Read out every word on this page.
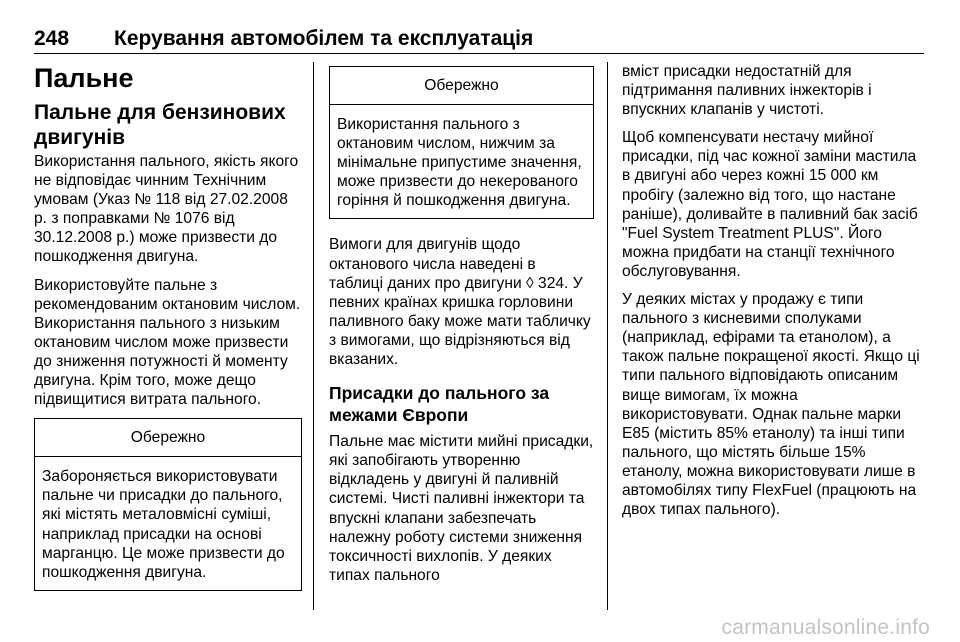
248 Керування автомобілем та експлуатація
Пальне
Пальне для бензинових двигунів

Використання пального, якість якого не відповідає чинним Технічним умовам (Указ № 118 від 27.02.2008 р. з поправками № 1076 від 30.12.2008 р.) може призвести до пошкодження двигуна.

Використовуйте пальне з рекомендованим октановим числом. Використання пального з низьким октановим числом може призвести до зниження потужності й моменту двигуна. Крім того, може дещо підвищитися витрата пального.

Обережно
Забороняється використовувати пальне чи присадки до пального, які містять металовмісні суміші, наприклад присадки на основі марганцю. Це може призвести до пошкодження двигуна.
Обережно
Використання пального з октановим числом, нижчим за мінімальне припустиме значення, може призвести до некерованого горіння й пошкодження двигуна.

Вимоги для двигунів щодо октанового числа наведені в таблиці даних про двигуни ◊ 324. У певних країнах кришка горловини паливного баку може мати табличку з вимогами, що відрізняються від вказаних.

Присадки до пального за межами Європи

Пальне має містити мийні присадки, які запобігають утворенню відкладень у двигуні й паливній системі. Чисті паливні інжектори та впускні клапани забезпечать належну роботу системи зниження токсичності вихлопів. У деяких типах пального

вміст присадки недостатній для підтримання паливних інжекторів і впускних клапанів у чистоті.

Щоб компенсувати нестачу мийної присадки, під час кожної заміни мастила в двигуні або через кожні 15 000 км пробігу (залежно від того, що настане раніше), доливайте в паливний бак засіб "Fuel System Treatment PLUS". Його можна придбати на станції технічного обслуговування.

У деяких містах у продажу є типи пального з кисневими сполуками (наприклад, ефірами та етанолом), а також пальне покращеної якості. Якщо ці типи пального відповідають описаним вище вимогам, їх можна використовувати. Однак пальне марки E85 (містить 85% етанолу) та інші типи пального, що містять більше 15% етанолу, можна використовувати лише в автомобілях типу FlexFuel (працюють на двох типах пального).

carmanualsonline.info
